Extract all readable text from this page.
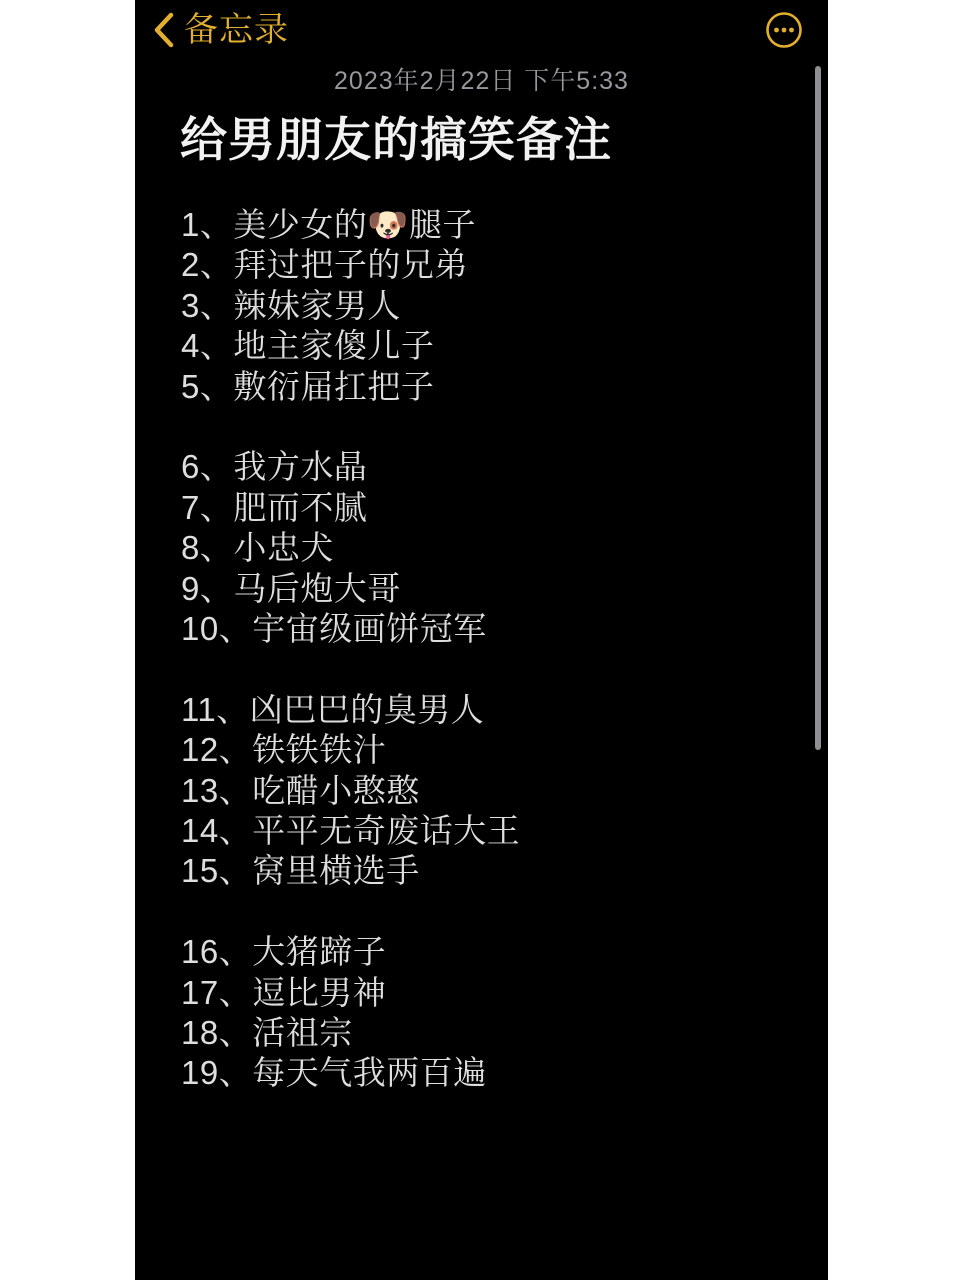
备忘录
2023年2月22日 下午5:33
给男朋友的搞笑备注
1、美少女的🐶腿子
2、拜过把子的兄弟
3、辣妹家男人
4、地主家傻儿子
5、敷衍届扛把子
6、我方水晶
7、肥而不腻
8、小忠犬
9、马后炮大哥
10、宇宙级画饼冠军
11、凶巴巴的臭男人
12、铁铁铁汁
13、吃醋小憨憨
14、平平无奇废话大王
15、窝里横选手
16、大猪蹄子
17、逗比男神
18、活祖宗
19、每天气我两百遍
